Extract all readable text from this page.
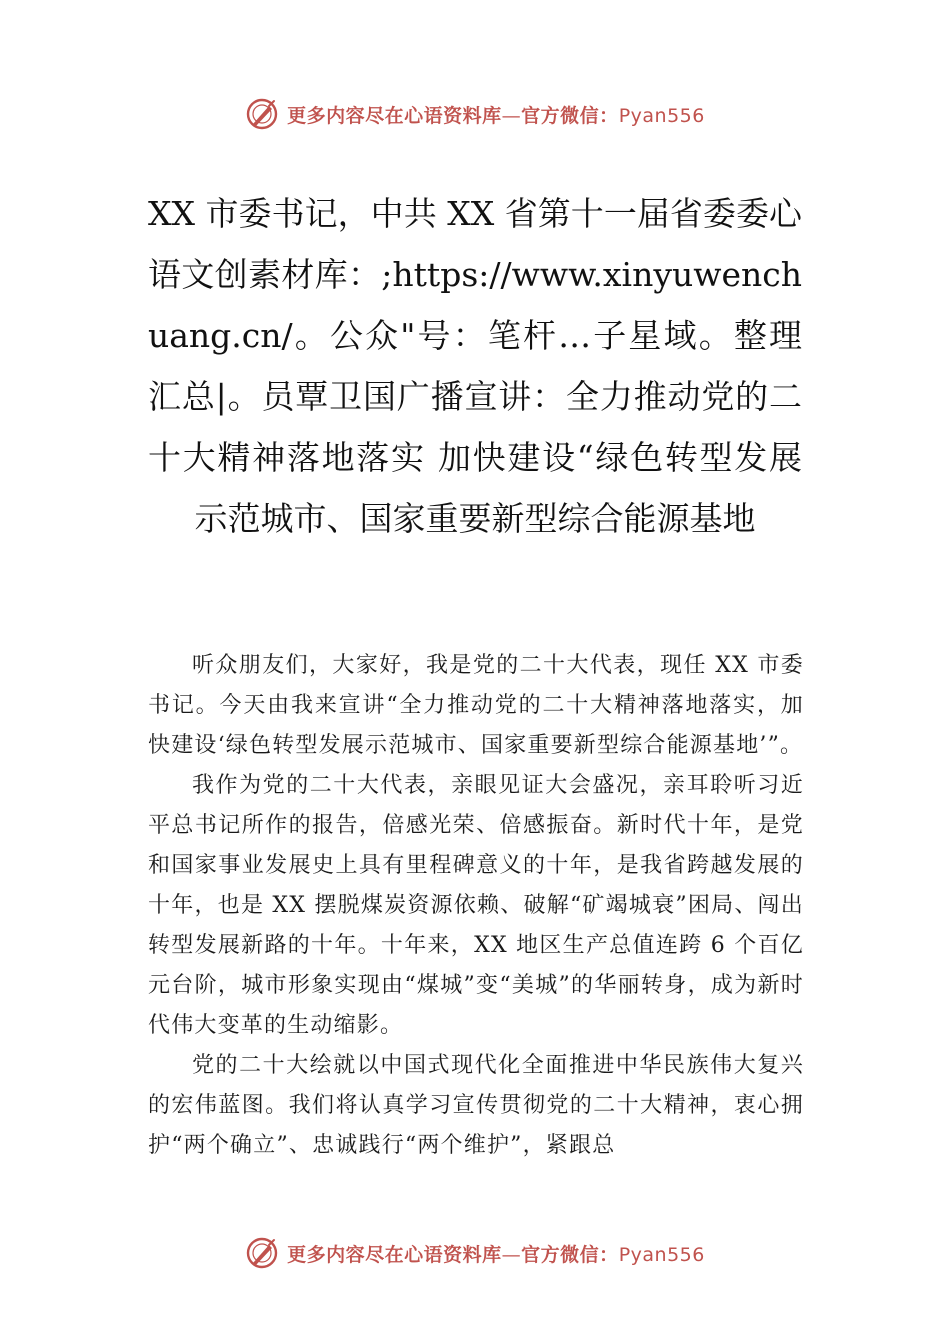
更多内容尽在心语资料库—官方微信：Pyan556
XX 市委书记，中共 XX 省第十一届省委委心语文创素材库：;https://www.xinyuwenchuang.cn/。公众"号：笔杆…子星域。整理汇总|。员覃卫国广播宣讲：全力推动党的二十大精神落地落实 加快建设“绿色转型发展示范城市、国家重要新型综合能源基地

听众朋友们，大家好，我是党的二十大代表，现任 XX 市委书记。今天由我来宣讲“全力推动党的二十大精神落地落实，加快建设‘绿色转型发展示范城市、国家重要新型综合能源基地’”。

我作为党的二十大代表，亲眼见证大会盛况，亲耳聆听习近平总书记所作的报告，倍感光荣、倍感振奋。新时代十年，是党和国家事业发展史上具有里程碑意义的十年，是我省跨越发展的十年，也是 XX 摆脱煤炭资源依赖、破解“矿竭城衰”困局、闯出转型发展新路的十年。十年来，XX 地区生产总值连跨 6 个百亿元台阶，城市形象实现由“煤城”变“美城”的华丽转身，成为新时代伟大变革的生动缩影。

党的二十大绘就以中国式现代化全面推进中华民族伟大复兴的宏伟蓝图。我们将认真学习宣传贯彻党的二十大精神，衷心拥护“两个确立”、忠诚践行“两个维护”，紧跟总

更多内容尽在心语资料库—官方微信：Pyan556
